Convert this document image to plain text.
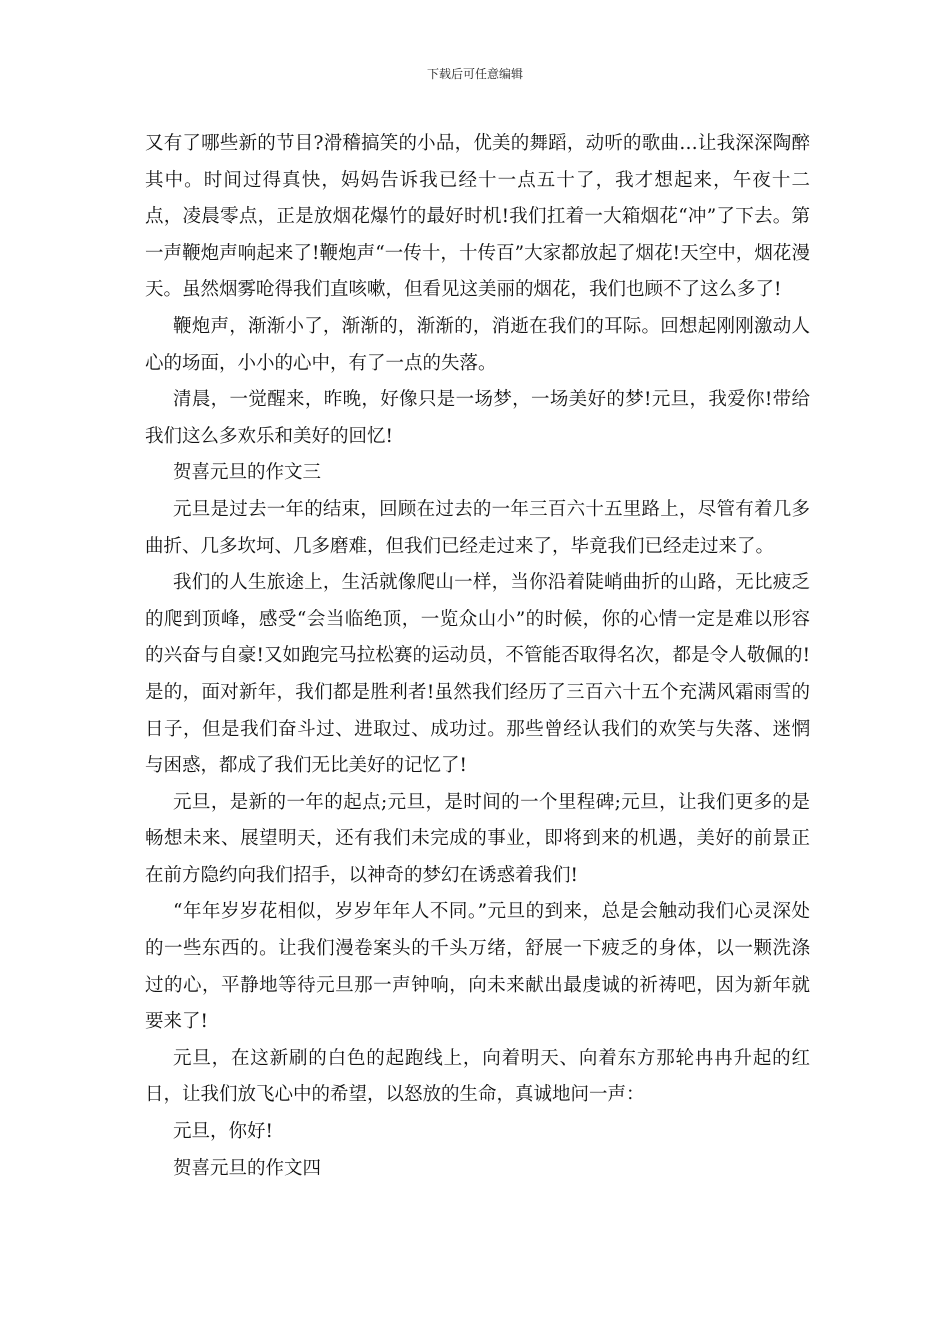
下载后可任意编辑

又有了哪些新的节目?滑稽搞笑的小品，优美的舞蹈，动听的歌曲…让我深深陶醉其中。时间过得真快，妈妈告诉我已经十一点五十了，我才想起来，午夜十二点，凌晨零点，正是放烟花爆竹的最好时机!我们扛着一大箱烟花“冲”了下去。第一声鞭炮声响起来了!鞭炮声“一传十，十传百”大家都放起了烟花!天空中，烟花漫天。虽然烟雾呛得我们直咳嗽，但看见这美丽的烟花，我们也顾不了这么多了!

鞭炮声，渐渐小了，渐渐的，渐渐的，消逝在我们的耳际。回想起刚刚激动人心的场面，小小的心中，有了一点的失落。

清晨，一觉醒来，昨晚，好像只是一场梦，一场美好的梦!元旦，我爱你!带给我们这么多欢乐和美好的回忆!

贺喜元旦的作文三

元旦是过去一年的结束，回顾在过去的一年三百六十五里路上，尽管有着几多曲折、几多坎坷、几多磨难，但我们已经走过来了，毕竟我们已经走过来了。

我们的人生旅途上，生活就像爬山一样，当你沿着陡峭曲折的山路，无比疲乏的爬到顶峰，感受“会当临绝顶，一览众山小”的时候，你的心情一定是难以形容的兴奋与自豪!又如跑完马拉松赛的运动员，不管能否取得名次，都是令人敬佩的!是的，面对新年，我们都是胜利者!虽然我们经历了三百六十五个充满风霜雨雪的日子，但是我们奋斗过、进取过、成功过。那些曾经认我们的欢笑与失落、迷惘与困惑，都成了我们无比美好的记忆了!

元旦，是新的一年的起点;元旦，是时间的一个里程碑;元旦，让我们更多的是畅想未来、展望明天，还有我们未完成的事业，即将到来的机遇，美好的前景正在前方隐约向我们招手，以神奇的梦幻在诱惑着我们!

“年年岁岁花相似，岁岁年年人不同。”元旦的到来，总是会触动我们心灵深处的一些东西的。让我们漫卷案头的千头万绪，舒展一下疲乏的身体，以一颗洗涤过的心，平静地等待元旦那一声钟响，向未来献出最虔诚的祈祷吧，因为新年就要来了!

元旦，在这新刷的白色的起跑线上，向着明天、向着东方那轮冉冉升起的红日，让我们放飞心中的希望，以怒放的生命，真诚地问一声：

元旦，你好!

贺喜元旦的作文四
